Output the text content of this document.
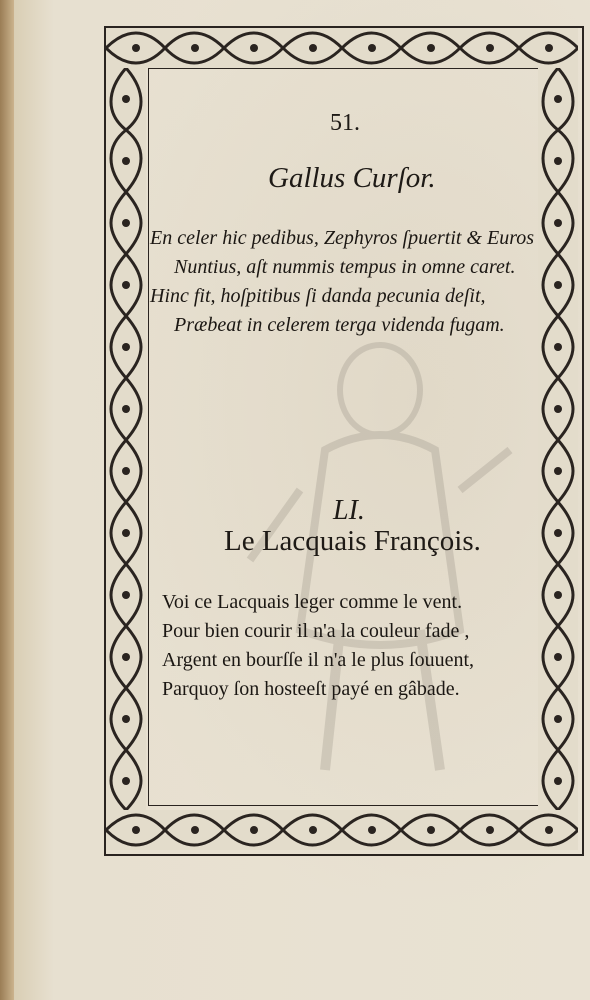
51.
Gallus Curſor.
En celer hic pedibus, Zephyros ſpuertit & Euros
Nuntius, aſt nummis tempus in omne caret.
Hinc fit, hoſpitibus ſi danda pecunia deſit,
Præbeat in celerem terga videnda fugam.
LI.
Le Lacquais François.
Voi ce Lacquais leger comme le vent.
Pour bien courir il n'a la couleur fade ,
Argent en bourſſe il n'a le plus ſouuent,
Parquoy ſon hosteeſt payé en gâbade.
